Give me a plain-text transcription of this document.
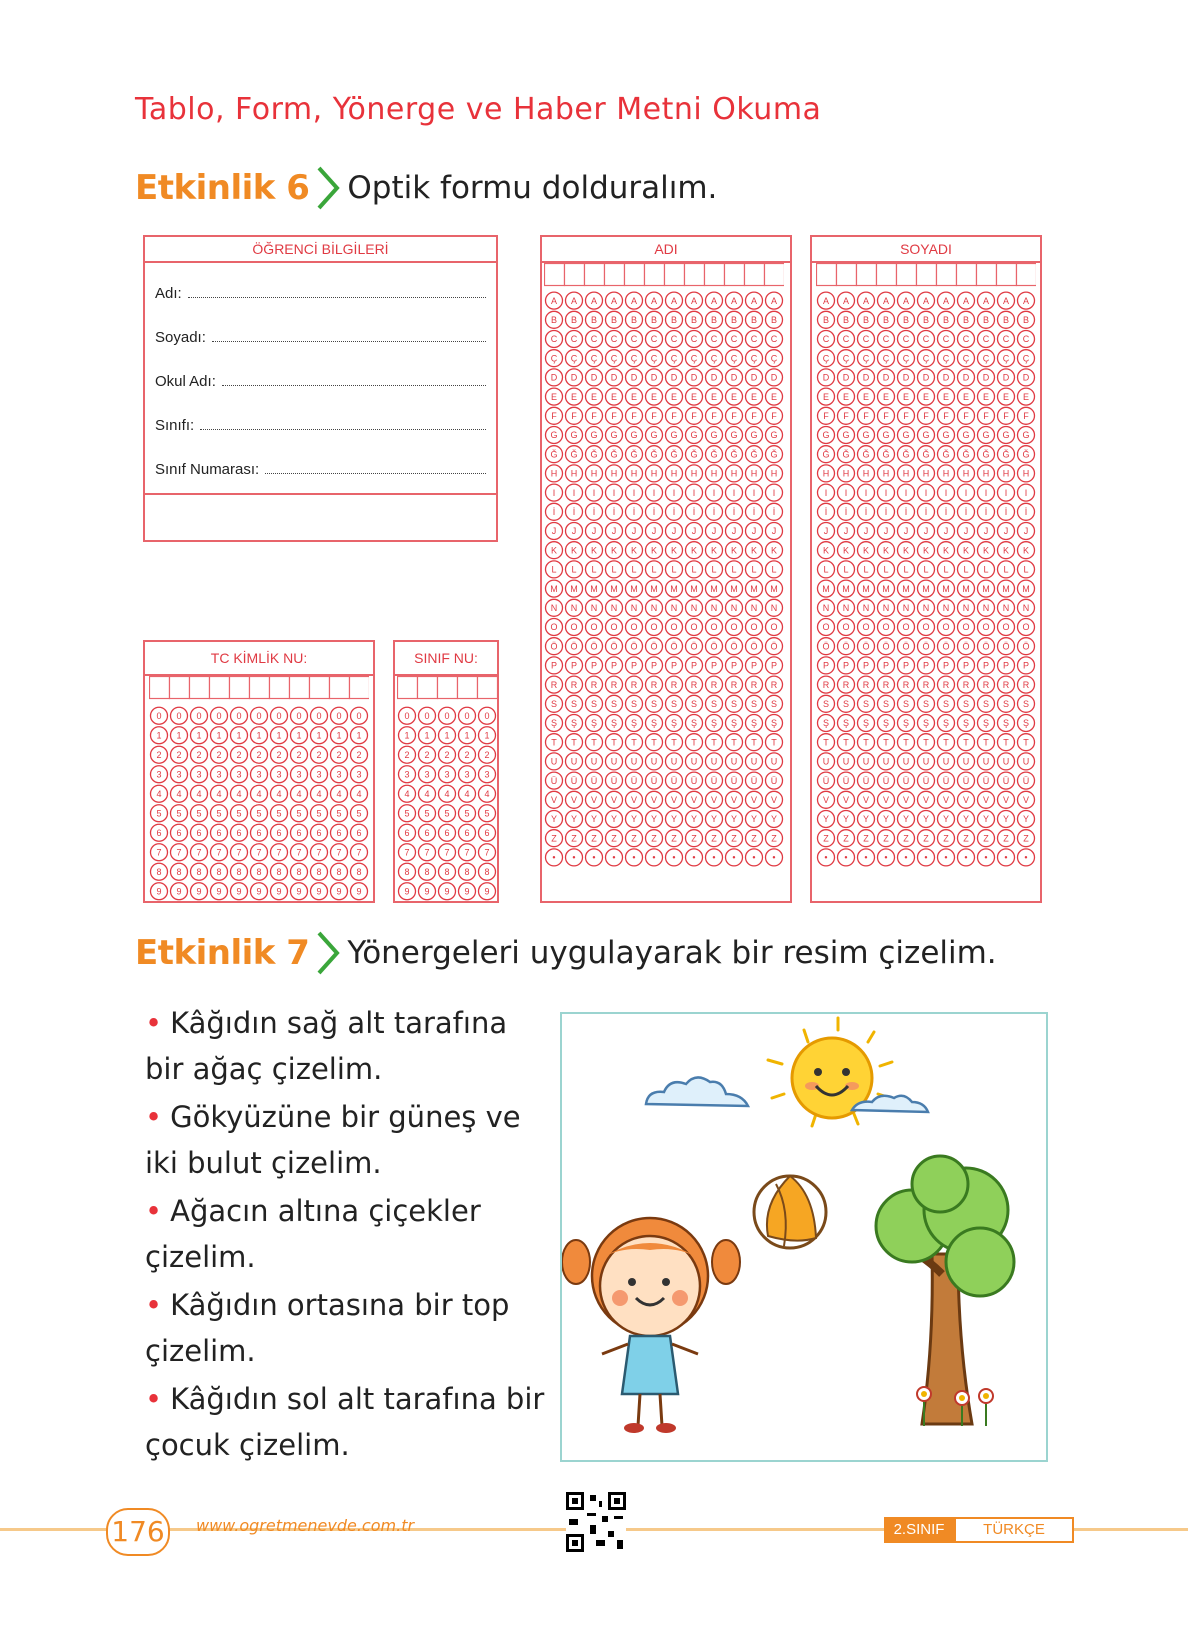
Tablo, Form, Yönerge ve Haber Metni Okuma
Etkinlik 6 Optik formu dolduralım.
ÖĞRENCİ BİLGİLERİ
Adı:
Soyadı:
Okul Adı:
Sınıfı:
Sınıf Numarası:
ADI
A A A A A A A A A A A A
B B B B B B B B B B B B
C C C C C C C C C C C C
Ç Ç Ç Ç Ç Ç Ç Ç Ç Ç Ç Ç
D D D D D D D D D D D D
E E E E E E E E E E E E
F F F F F F F F F F F F
G G G G G G G G G G G G
Ğ Ğ Ğ Ğ Ğ Ğ Ğ Ğ Ğ Ğ Ğ Ğ
H H H H H H H H H H H H
I I I I I I I I I I I I
İ İ İ İ İ İ İ İ İ İ İ İ
J J J J J J J J J J J J
K K K K K K K K K K K K
L L L L L L L L L L L L
M M M M M M M M M M M M
N N N N N N N N N N N N
O O O O O O O O O O O O
Ö Ö Ö Ö Ö Ö Ö Ö Ö Ö Ö Ö
P P P P P P P P P P P P
R R R R R R R R R R R R
S S S S S S S S S S S S
Ş Ş Ş Ş Ş Ş Ş Ş Ş Ş Ş Ş
T T T T T T T T T T T T
U U U U U U U U U U U U
Ü Ü Ü Ü Ü Ü Ü Ü Ü Ü Ü Ü
V V V V V V V V V V V V
Y Y Y Y Y Y Y Y Y Y Y Y
Z Z Z Z Z Z Z Z Z Z Z Z
• • • • • • • • • • • •
SOYADI
A A A A A A A A A A A
B B B B B B B B B B B
C C C C C C C C C C C
Ç Ç Ç Ç Ç Ç Ç Ç Ç Ç Ç
D D D D D D D D D D D
E E E E E E E E E E E
F F F F F F F F F F F
G G G G G G G G G G G
Ğ Ğ Ğ Ğ Ğ Ğ Ğ Ğ Ğ Ğ Ğ
H H H H H H H H H H H
I I I I I I I I I I I
İ İ İ İ İ İ İ İ İ İ İ
J J J J J J J J J J J
K K K K K K K K K K K
L L L L L L L L L L L
M M M M M M M M M M M
N N N N N N N N N N N
O O O O O O O O O O O
Ö Ö Ö Ö Ö Ö Ö Ö Ö Ö Ö
P P P P P P P P P P P
R R R R R R R R R R R
S S S S S S S S S S S
Ş Ş Ş Ş Ş Ş Ş Ş Ş Ş Ş
T T T T T T T T T T T
U U U U U U U U U U U
Ü Ü Ü Ü Ü Ü Ü Ü Ü Ü Ü
V V V V V V V V V V V
Y Y Y Y Y Y Y Y Y Y Y
Z Z Z Z Z Z Z Z Z Z Z
• • • • • • • • • • •
TC KİMLİK NU:
0 0 0 0 0 0 0 0 0 0 0
1 1 1 1 1 1 1 1 1 1 1
2 2 2 2 2 2 2 2 2 2 2
3 3 3 3 3 3 3 3 3 3 3
4 4 4 4 4 4 4 4 4 4 4
5 5 5 5 5 5 5 5 5 5 5
6 6 6 6 6 6 6 6 6 6 6
7 7 7 7 7 7 7 7 7 7 7
8 8 8 8 8 8 8 8 8 8 8
9 9 9 9 9 9 9 9 9 9 9
SINIF NU:
0 0 0 0 0
1 1 1 1 1
2 2 2 2 2
3 3 3 3 3
4 4 4 4 4
5 5 5 5 5
6 6 6 6 6
7 7 7 7 7
8 8 8 8 8
9 9 9 9 9
Etkinlik 7 Yönergeleri uygulayarak bir resim çizelim.
• Kâğıdın sağ alt tarafına bir ağaç çizelim.
• Gökyüzüne bir güneş ve iki bulut çizelim.
• Ağacın altına çiçekler çizelim.
• Kâğıdın ortasına bir top çizelim.
• Kâğıdın sol alt tarafına bir çocuk çizelim.
176	www.ogretmenevde.com.tr	2.SINIF	TÜRKÇE
